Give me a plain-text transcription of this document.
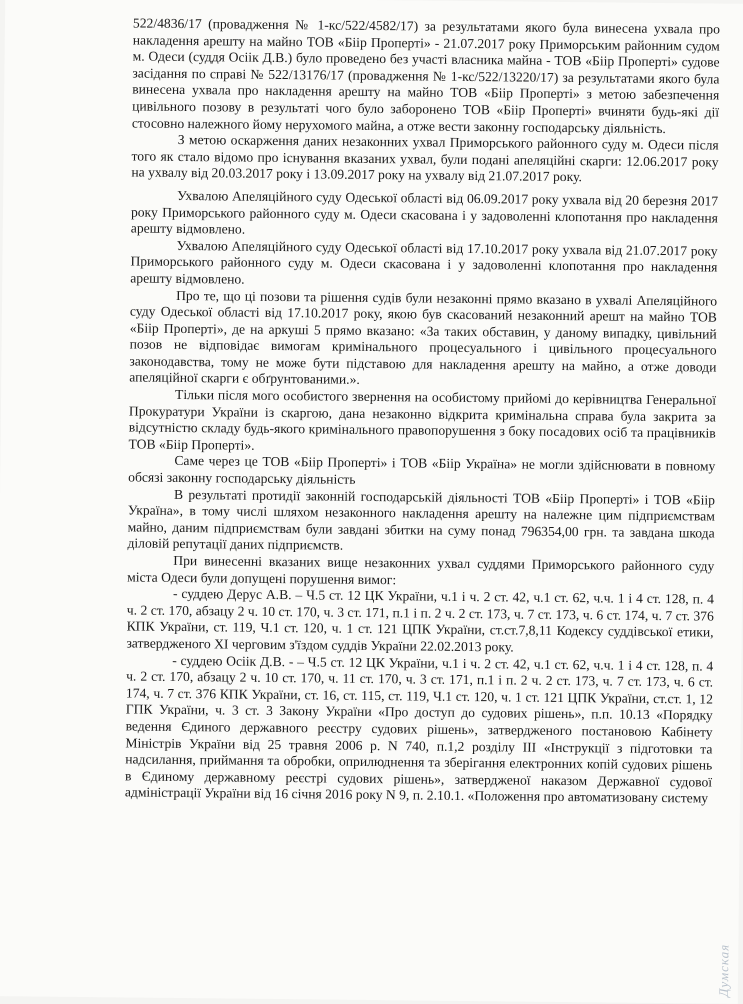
522/4836/17 (провадження № 1-кс/522/4582/17) за результатами якого була винесена ухвала про накладення арешту на майно ТОВ «Біір Проперті» - 21.07.2017 року Приморським районним судом м. Одеси (суддя Осіік Д.В.) було проведено без участі власника майна - ТОВ «Біір Проперті» судове засідання по справі № 522/13176/17 (провадження № 1-кс/522/13220/17) за результатами якого була винесена ухвала про накладення арешту на майно ТОВ «Біір Проперті» з метою забезпечення цивільного позову в результаті чого було заборонено ТОВ «Біір Проперті» вчиняти будь-які дії стосовно належного йому нерухомого майна, а отже вести законну господарську діяльність.

З метою оскарження даних незаконних ухвал Приморського районного суду м. Одеси після того як стало відомо про існування вказаних ухвал, були подані апеляційні скарги: 12.06.2017 року на ухвалу від 20.03.2017 року і 13.09.2017 року на ухвалу від 21.07.2017 року.

Ухвалою Апеляційного суду Одеської області від 06.09.2017 року ухвала від 20 березня 2017 року Приморського районного суду м. Одеси скасована і у задоволенні клопотання про накладення арешту відмовлено.

Ухвалою Апеляційного суду Одеської області від 17.10.2017 року ухвала від 21.07.2017 року Приморського районного суду м. Одеси скасована і у задоволенні клопотання про накладення арешту відмовлено.

Про те, що ці позови та рішення судів були незаконні прямо вказано в ухвалі Апеляційного суду Одеської області від 17.10.2017 року, якою був скасований незаконний арешт на майно ТОВ «Біір Проперті», де на аркуші 5 прямо вказано: «За таких обставин, у даному випадку, цивільний позов не відповідає вимогам кримінального процесуального і цивільного процесуального законодавства, тому не може бути підставою для накладення арешту на майно, а отже доводи апеляційної скарги є обґрунтованими.».

Тільки після мого особистого звернення на особистому прийомі до керівництва Генеральної Прокуратури України із скаргою, дана незаконно відкрита кримінальна справа була закрита за відсутністю складу будь-якого кримінального правопорушення з боку посадових осіб та працівників ТОВ «Біір Проперті».

Саме через це ТОВ «Біір Проперті» і ТОВ «Біір Україна» не могли здійснювати в повному обсязі законну господарську діяльність

В результаті протидії законній господарській діяльності ТОВ «Біір Проперті» і ТОВ «Біір Україна», в тому числі шляхом незаконного накладення арешту на належне цим підприємствам майно, даним підприємствам були завдані збитки на суму понад 796354,00 грн. та завдана шкода діловій репутації даних підприємств.

При винесенні вказаних вище незаконних ухвал суддями Приморського районного суду міста Одеси були допущені порушення вимог:

- суддею Дерус А.В. – Ч.5 ст. 12 ЦК України, ч.1 і ч. 2 ст. 42, ч.1 ст. 62, ч.ч. 1 і 4 ст. 128, п. 4 ч. 2 ст. 170, абзацу 2 ч. 10 ст. 170, ч. 3 ст. 171, п.1 і п. 2 ч. 2 ст. 173, ч. 7 ст. 173, ч. 6 ст. 174, ч. 7 ст. 376 КПК України, ст. 119, Ч.1 ст. 120, ч. 1 ст. 121 ЦПК України, ст.ст.7,8,11 Кодексу суддівської етики, затвердженого XI черговим з'їздом суддів України 22.02.2013 року.

- суддею Осіік Д.В. - – Ч.5 ст. 12 ЦК України, ч.1 і ч. 2 ст. 42, ч.1 ст. 62, ч.ч. 1 і 4 ст. 128, п. 4 ч. 2 ст. 170, абзацу 2 ч. 10 ст. 170, ч. 11 ст. 170, ч. 3 ст. 171, п.1 і п. 2 ч. 2 ст. 173, ч. 7 ст. 173, ч. 6 ст. 174, ч. 7 ст. 376 КПК України, ст. 16, ст. 115, ст. 119, Ч.1 ст. 120, ч. 1 ст. 121 ЦПК України, ст.ст. 1, 12 ГПК України, ч. 3 ст. 3 Закону України «Про доступ до судових рішень», п.п. 10.13 «Порядку ведення Єдиного державного реєстру судових рішень», затвердженого постановою Кабінету Міністрів України від 25 травня 2006 р. N 740, п.1,2 розділу ІІІ «Інструкції з підготовки та надсилання, приймання та обробки, оприлюднення та зберігання електронних копій судових рішень в Єдиному державному реєстрі судових рішень», затвердженої наказом Державної судової адміністрації України від 16 січня 2016 року N 9, п. 2.10.1. «Положення про автоматизовану систему

Думская
